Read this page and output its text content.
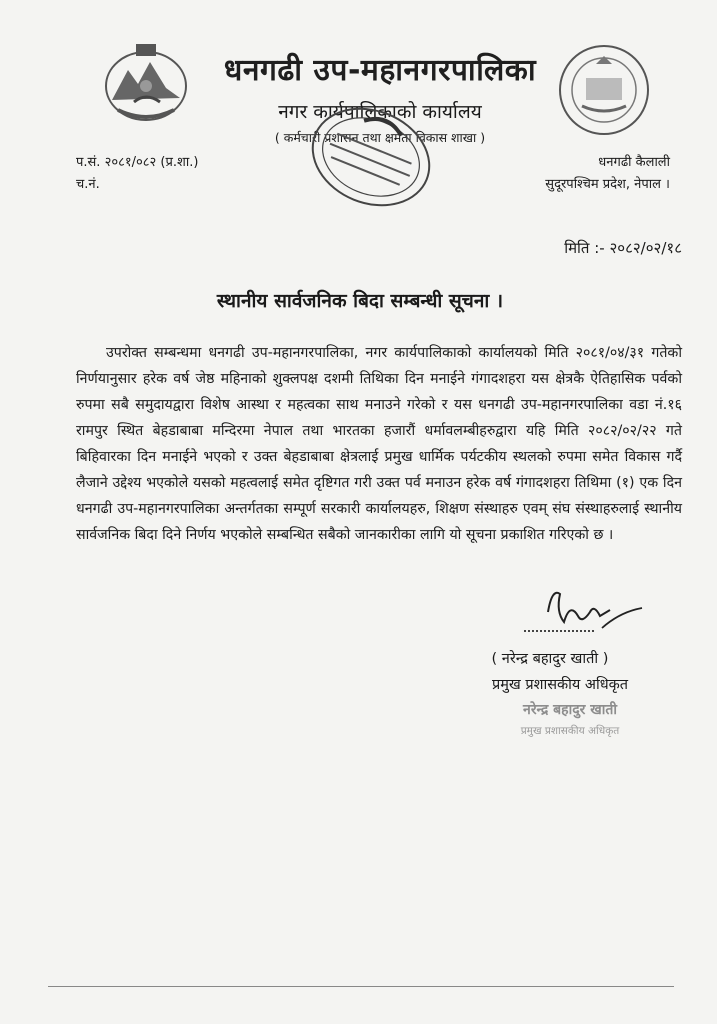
धनगढी उप-महानगरपालिका
नगर कार्यपालिकाको कार्यालय
( कर्मचारी प्रशासन तथा क्षमता विकास शाखा )
प.सं. २०८१/०८२ (प्र.शा.)
च.नं.
धनगढी कैलाली
सुदूरपश्चिम प्रदेश, नेपाल ।
मिति :- २०८२/०२/१८
स्थानीय सार्वजनिक बिदा सम्बन्धी सूचना ।
उपरोक्त सम्बन्धमा धनगढी उप-महानगरपालिका, नगर कार्यपालिकाको कार्यालयको मिति २०८१/०४/३१ गतेको निर्णयानुसार हरेक वर्ष जेष्ठ महिनाको शुक्लपक्ष दशमी तिथिका दिन मनाईने गंगादशहरा यस क्षेत्रकै ऐतिहासिक पर्वको रुपमा सबै समुदायद्वारा विशेष आस्था र महत्वका साथ मनाउने गरेको र यस धनगढी उप-महानगरपालिका वडा नं.१६ रामपुर स्थित बेहडाबाबा मन्दिरमा नेपाल तथा भारतका हजारौं धर्मावलम्बीहरुद्वारा यहि मिति २०८२/०२/२२ गते बिहिवारका दिन मनाईने भएको र उक्त बेहडाबाबा क्षेत्रलाई प्रमुख धार्मिक पर्यटकीय स्थलको रुपमा समेत विकास गर्दै लैजाने उद्देश्य भएकोले यसको महत्वलाई समेत दृष्टिगत गरी उक्त पर्व मनाउन हरेक वर्ष गंगादशहरा तिथिमा (१) एक दिन धनगढी उप-महानगरपालिका अन्तर्गतका सम्पूर्ण सरकारी कार्यालयहरु, शिक्षण संस्थाहरु एवम् संघ संस्थाहरुलाई स्थानीय सार्वजनिक बिदा दिने निर्णय भएकोले सम्बन्धित सबैको जानकारीका लागि यो सूचना प्रकाशित गरिएको छ ।
( नरेन्द्र बहादुर खाती )
प्रमुख प्रशासकीय अधिकृत
नरेन्द्र बहादुर खाती
प्रमुख प्रशासकीय अधिकृत
